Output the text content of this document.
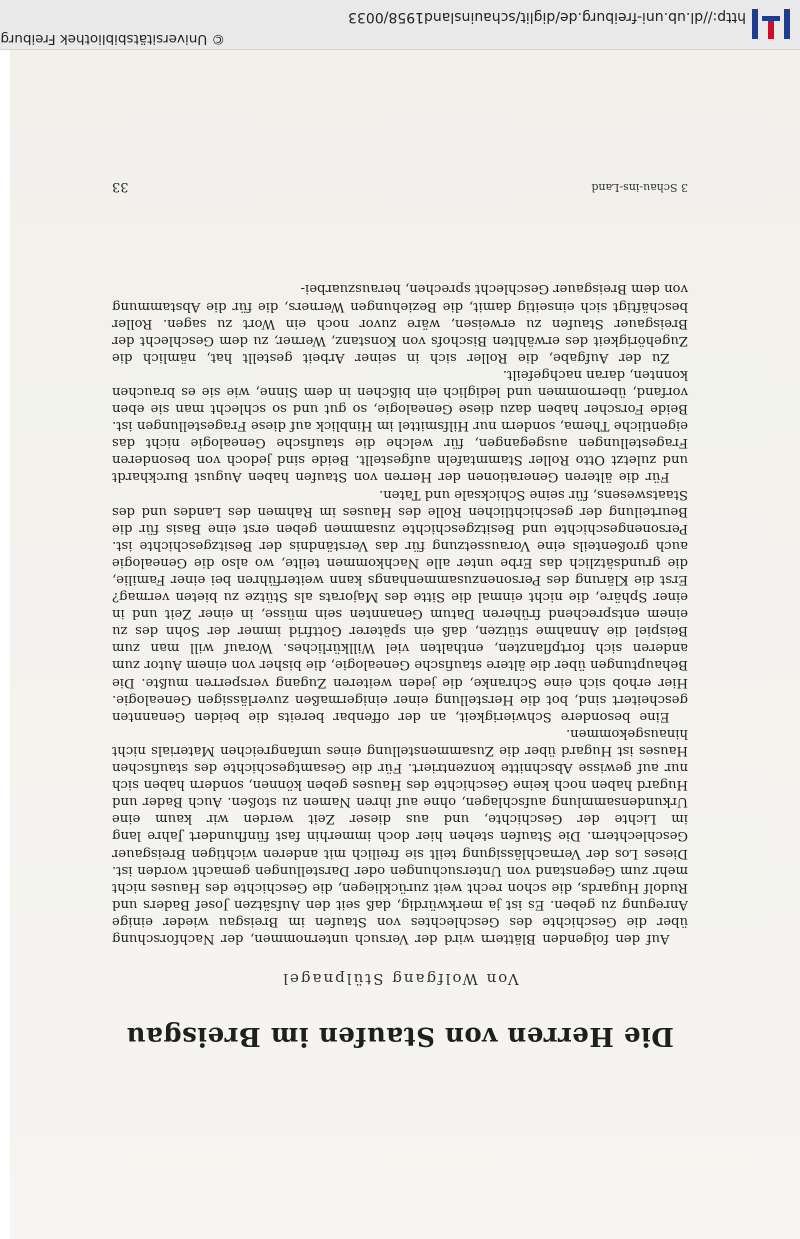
Die Herren von Staufen im Breisgau
Von Wolfgang Stülpnagel

Auf den folgenden Blättern wird der Versuch unternommen, der Nachforschung über die Geschichte des Geschlechtes von Staufen im Breisgau wieder einige Anregung zu geben. Es ist ja merkwürdig, daß seit den Aufsätzen Josef Baders und Rudolf Hugards, die schon recht weit zurückliegen, die Geschichte des Hauses nicht mehr zum Gegenstand von Untersuchungen oder Darstellungen gemacht worden ist. Dieses Los der Vernachlässigung teilt sie freilich mit anderen wichtigen Breisgauer Geschlechtern. Die Staufen stehen hier doch immerhin fast fünfhundert Jahre lang im Lichte der Geschichte, und aus dieser Zeit werden wir kaum eine Urkundensammlung aufschlagen, ohne auf ihren Namen zu stoßen. Auch Bader und Hugard haben noch keine Geschichte des Hauses geben können, sondern haben sich nur auf gewisse Abschnitte konzentriert. Für die Gesamtgeschichte des staufischen Hauses ist Hugard über die Zusammenstellung eines umfangreichen Materials nicht hinausgekommen.

Eine besondere Schwierigkeit, an der offenbar bereits die beiden Genannten gescheitert sind, bot die Herstellung einer einigermaßen zuverlässigen Genealogie. Hier erhob sich eine Schranke, die jeden weiteren Zugang versperren mußte. Die Behauptungen über die ältere staufische Genealogie, die bisher von einem Autor zum anderen sich fortpflanzten, enthalten viel Willkürliches. Worauf will man zum Beispiel die Annahme stützen, daß ein späterer Gottfrid immer der Sohn des zu einem entsprechend früheren Datum Genannten sein müsse, in einer Zeit und in einer Sphäre, die nicht einmal die Sitte des Majorats als Stütze zu bieten vermag? Erst die Klärung des Personenzusammenhangs kann weiterführen bei einer Familie, die grundsätzlich das Erbe unter alle Nachkommen teilte, wo also die Genealogie auch großenteils eine Voraussetzung für das Verständnis der Besitzgeschichte ist. Personengeschichte und Besitzgeschichte zusammen geben erst eine Basis für die Beurteilung der geschichtlichen Rolle des Hauses im Rahmen des Landes und des Staatswesens, für seine Schicksale und Taten.

Für die älteren Generationen der Herren von Staufen haben August Burckhardt und zuletzt Otto Roller Stammtafeln aufgestellt. Beide sind jedoch von besonderen Fragestellungen ausgegangen, für welche die staufische Genealogie nicht das eigentliche Thema, sondern nur Hilfsmittel im Hinblick auf diese Fragestellungen ist. Beide Forscher haben dazu diese Genealogie, so gut und so schlecht man sie eben vorfand, übernommen und lediglich ein bißchen in dem Sinne, wie sie es brauchen konnten, daran nachgefeilt.

Zu der Aufgabe, die Roller sich in seiner Arbeit gestellt hat, nämlich die Zugehörigkeit des erwählten Bischofs von Konstanz, Werner, zu dem Geschlecht der Breisgauer Staufen zu erweisen, wäre zuvor noch ein Wort zu sagen. Roller beschäftigt sich einseitig damit, die Beziehungen Werners, die für die Abstammung von dem Breisgauer Geschlecht sprechen, herauszuarbei-

3 Schau-ins-Land
33
http://dl.ub.uni-freiburg.de/diglit/schauinsland1958/0033
© Universitätsbibliothek Freiburg
